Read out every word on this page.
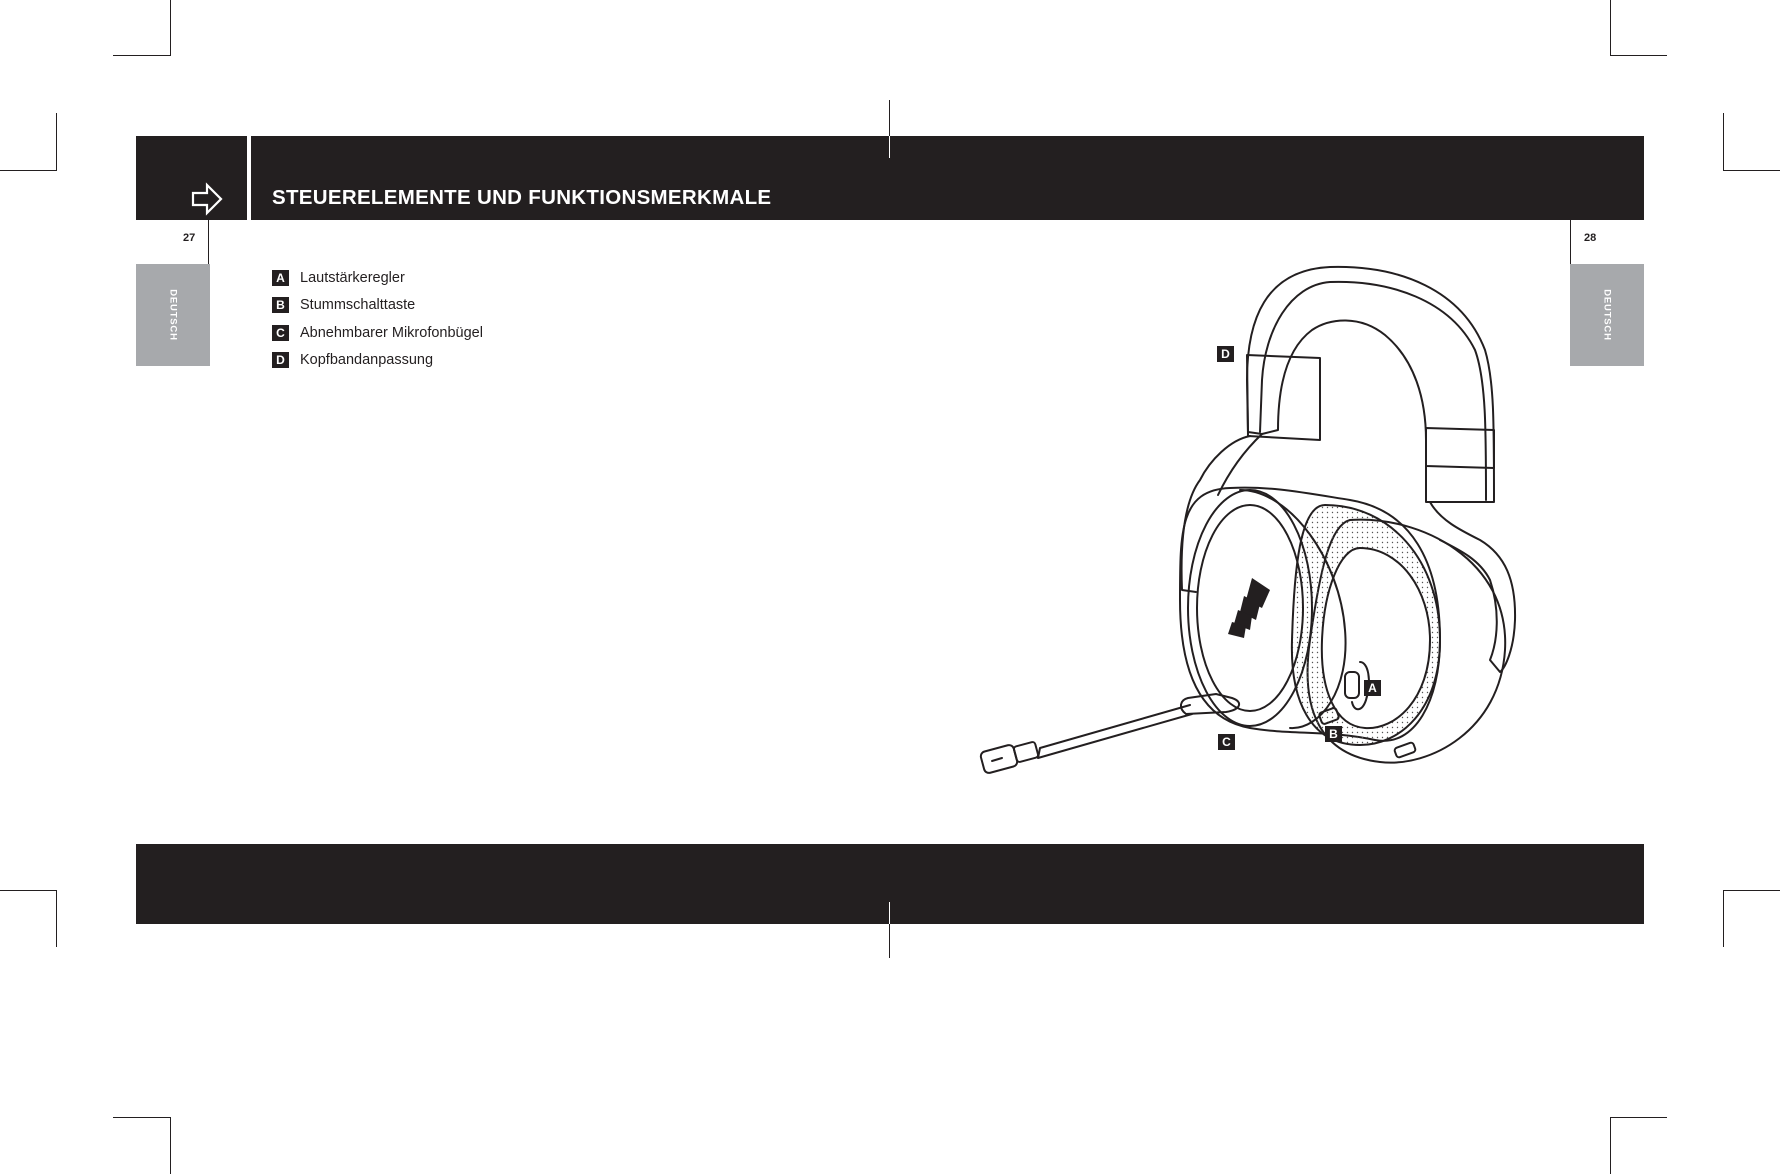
STEUERELEMENTE UND FUNKTIONSMERKMALE
27	28
DEUTSCH	DEUTSCH
A Lautstärkeregler
B Stummschalttaste
C Abnehmbarer Mikrofonbügel
D Kopfbandanpassung	D
A
B
C
